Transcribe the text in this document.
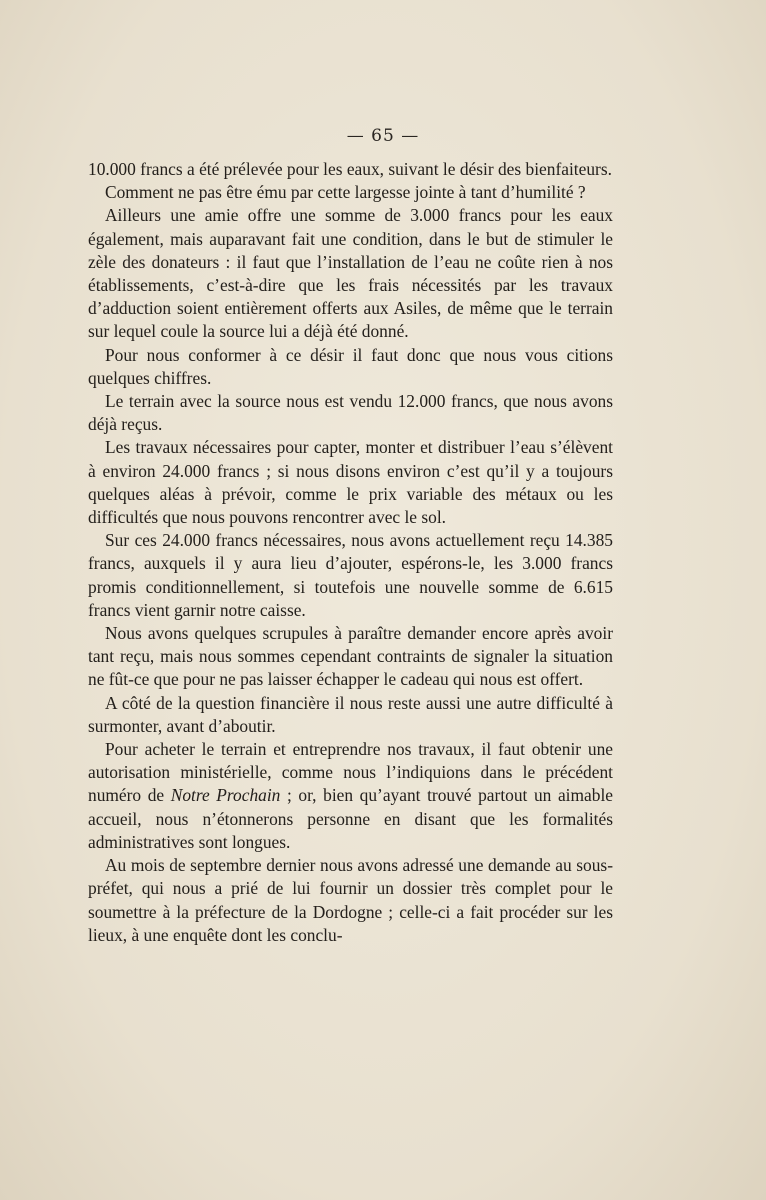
— 65 —

10.000 francs a été prélevée pour les eaux, suivant le désir des bienfaiteurs.

Comment ne pas être ému par cette largesse jointe à tant d’humilité ?

Ailleurs une amie offre une somme de 3.000 francs pour les eaux également, mais auparavant fait une condition, dans le but de stimuler le zèle des donateurs : il faut que l’installation de l’eau ne coûte rien à nos établissements, c’est-à-dire que les frais nécessités par les travaux d’adduction soient entièrement offerts aux Asiles, de même que le terrain sur lequel coule la source lui a déjà été donné.

Pour nous conformer à ce désir il faut donc que nous vous citions quelques chiffres.

Le terrain avec la source nous est vendu 12.000 francs, que nous avons déjà reçus.

Les travaux nécessaires pour capter, monter et distribuer l’eau s’élèvent à environ 24.000 francs ; si nous disons environ c’est qu’il y a toujours quelques aléas à prévoir, comme le prix variable des métaux ou les difficultés que nous pouvons rencontrer avec le sol.

Sur ces 24.000 francs nécessaires, nous avons actuellement reçu 14.385 francs, auxquels il y aura lieu d’ajouter, espérons-le, les 3.000 francs promis conditionnellement, si toutefois une nouvelle somme de 6.615 francs vient garnir notre caisse.

Nous avons quelques scrupules à paraître demander encore après avoir tant reçu, mais nous sommes cependant contraints de signaler la situation ne fût-ce que pour ne pas laisser échapper le cadeau qui nous est offert.

A côté de la question financière il nous reste aussi une autre difficulté à surmonter, avant d’aboutir.

Pour acheter le terrain et entreprendre nos travaux, il faut obtenir une autorisation ministérielle, comme nous l’indiquions dans le précédent numéro de Notre Prochain ; or, bien qu’ayant trouvé partout un aimable accueil, nous n’étonnerons personne en disant que les formalités administratives sont longues.

Au mois de septembre dernier nous avons adressé une demande au sous-préfet, qui nous a prié de lui fournir un dossier très complet pour le soumettre à la préfecture de la Dordogne ; celle-ci a fait procéder sur les lieux, à une enquête dont les conclu-
